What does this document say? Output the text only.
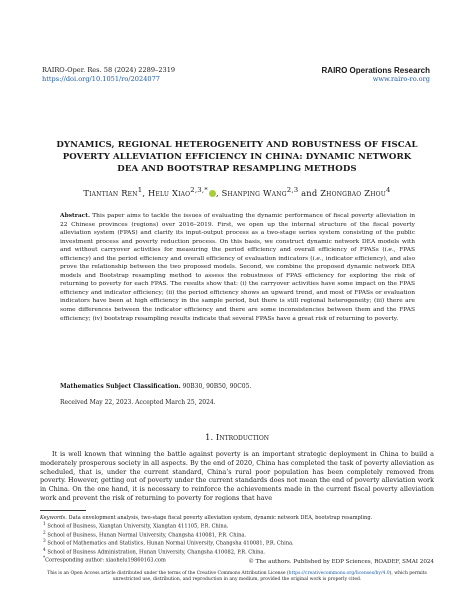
RAIRO-Oper. Res. 58 (2024) 2289–2319
https://doi.org/10.1051/ro/2024077
RAIRO Operations Research
www.rairo-ro.org
DYNAMICS, REGIONAL HETEROGENEITY AND ROBUSTNESS OF FISCAL
POVERTY ALLEVIATION EFFICIENCY IN CHINA: DYNAMIC NETWORK
DEA AND BOOTSTRAP RESAMPLING METHODS
Tiantian Ren$^1$, Helu Xiao$^{2,3,*}$ , Shanping Wang$^{2,3}$ and Zhongbao Zhou$^4$
Abstract. This paper aims to tackle the issues of evaluating the dynamic performance of fiscal poverty alleviation in 22 Chinese provinces (regions) over 2016–2019. First, we open up the internal structure of the fiscal poverty alleviation system (FPAS) and clarify its input-output process as a two-stage series system consisting of the public investment process and poverty reduction process. On this basis, we construct dynamic network DEA models with and without carryover activities for measuring the period efficiency and overall efficiency of FPASs (i.e., FPAS efficiency) and the period efficiency and overall efficiency of evaluation indicators (i.e., indicator efficiency), and also prove the relationship between the two proposed models. Second, we combine the proposed dynamic network DEA models and Bootstrap resampling method to assess the robustness of FPAS efficiency for exploring the risk of returning to poverty for each FPAS. The results show that: (i) the carryover activities have some impact on the FPAS efficiency and indicator efficiency; (ii) the period efficiency shows an upward trend, and most of FPASs or evaluation indicators have been at high efficiency in the sample period, but there is still regional heterogeneity; (iii) there are some differences between the indicator efficiency and there are some inconsistencies between them and the FPAS efficiency; (iv) bootstrap resampling results indicate that several FPASs have a great risk of returning to poverty.
Mathematics Subject Classification. 90B30, 90B50, 90C05.
Received May 22, 2023. Accepted March 25, 2024.
1. Introduction
It is well known that winning the battle against poverty is an important strategic deployment in China to build a moderately prosperous society in all aspects. By the end of 2020, China has completed the task of poverty alleviation as scheduled, that is, under the current standard, China’s rural poor population has been completely removed from poverty. However, getting out of poverty under the current standards does not mean the end of poverty alleviation work in China. On the one hand, it is necessary to reinforce the achievements made in the current fiscal poverty alleviation work and prevent the risk of returning to poverty for regions that have
Keywords. Data envelopment analysis, two-stage fiscal poverty alleviation system, dynamic network DEA, bootstrap resampling.
$^1$ School of Business, Xiangtan University, Xiangtan 411105, P.R. China.
$^2$ School of Business, Hunan Normal University, Changsha 410081, P.R. China.
$^3$ School of Mathematics and Statistics, Hunan Normal University, Changsha 410081, P.R. China.
$^4$ School of Business Administration, Hunan University, Changsha 410082, P.R. China.
*Corresponding author: xiaohelu19860163.com	© The authors. Published by EDP Sciences, ROADEF, SMAI 2024
This is an Open Access article distributed under the terms of the Creative Commons Attribution License (https://creativecommons.org/licenses/by/4.0), which permits unrestricted use, distribution, and reproduction in any medium, provided the original work is properly cited.
